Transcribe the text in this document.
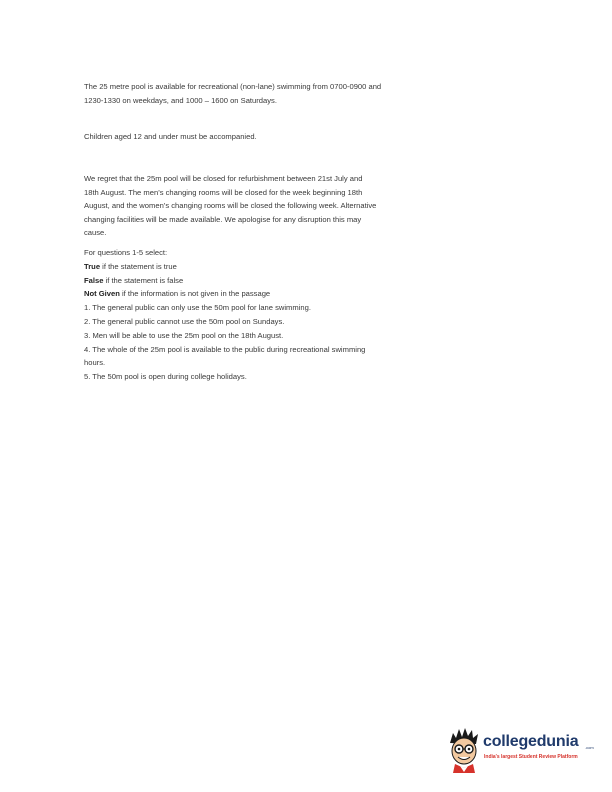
The 25 metre pool is available for recreational (non-lane) swimming from 0700-0900 and
1230-1330 on weekdays, and 1000 – 1600 on Saturdays.

Children aged 12 and under must be accompanied.

We regret that the 25m pool will be closed for refurbishment between 21st July and
18th August. The men’s changing rooms will be closed for the week beginning 18th
August, and the women’s changing rooms will be closed the following week. Alternative
changing facilities will be made available. We apologise for any disruption this may
cause.

For questions 1-5 select:
True if the statement is true
False if the statement is false
Not Given if the information is not given in the passage
1. The general public can only use the 50m pool for lane swimming.
2. The general public cannot use the 50m pool on Sundays.
3. Men will be able to use the 25m pool on the 18th August.
4. The whole of the 25m pool is available to the public during recreational swimming
hours.
5. The 50m pool is open during college holidays.
collegedunia .com
India's largest Student Review Platform
